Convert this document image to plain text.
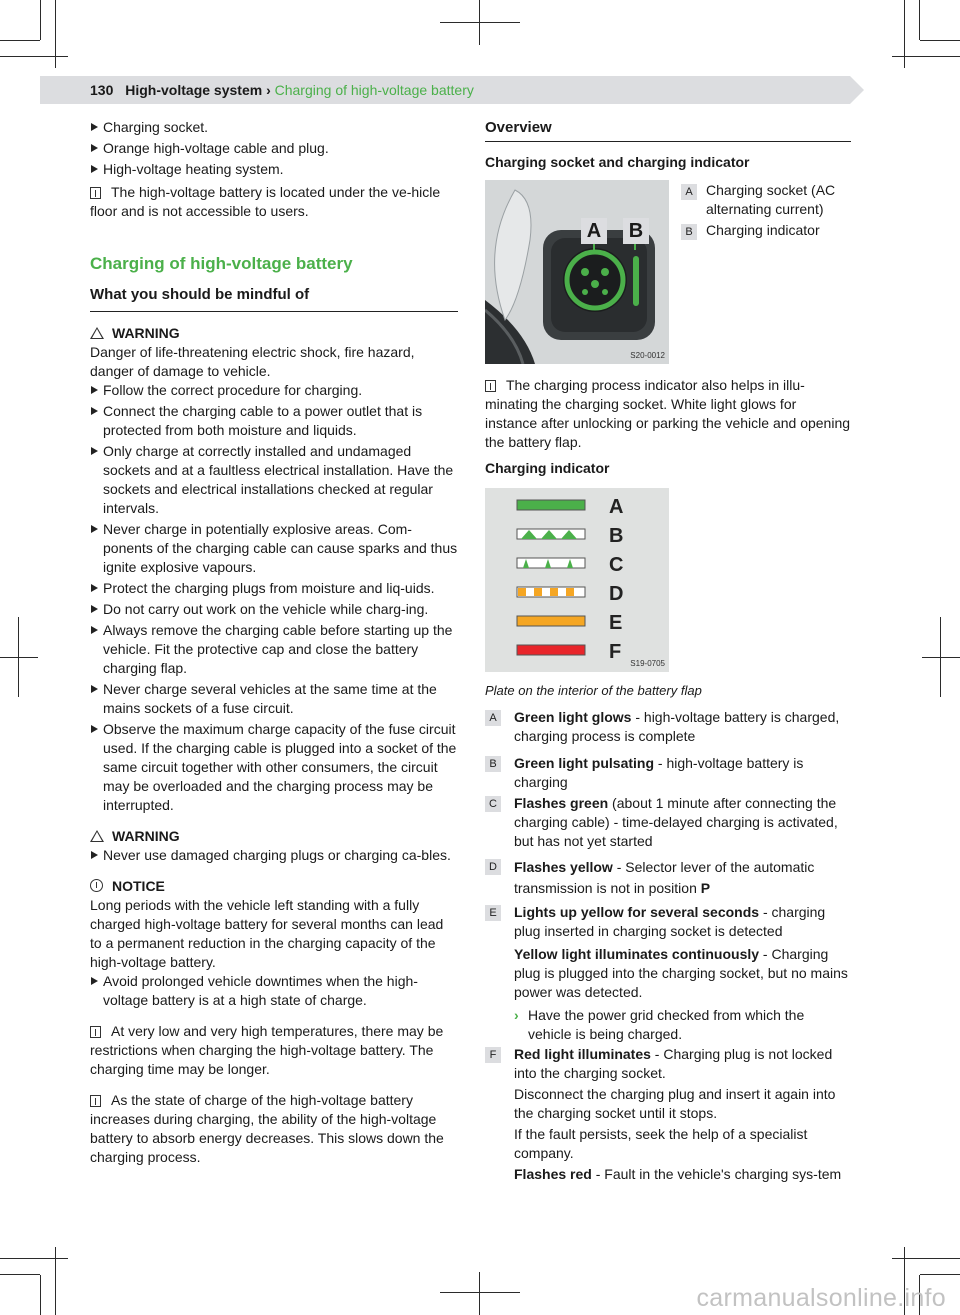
130 High-voltage system › Charging of high-voltage battery
Charging socket.
Orange high-voltage cable and plug.
High-voltage heating system.

The high-voltage battery is located under the ve-hicle floor and is not accessible to users.

Charging of high-voltage battery
What you should be mindful of
WARNING

Danger of life-threatening electric shock, fire hazard, danger of damage to vehicle.

Follow the correct procedure for charging.
Connect the charging cable to a power outlet that is protected from both moisture and liquids.
Only charge at correctly installed and undamaged sockets and at a faultless electrical installation. Have the sockets and electrical installations checked at regular intervals.
Never charge in potentially explosive areas. Com-ponents of the charging cable can cause sparks and thus ignite explosive vapours.
Protect the charging plugs from moisture and liq-uids.
Do not carry out work on the vehicle while charg-ing.
Always remove the charging cable before starting up the vehicle. Fit the protective cap and close the battery charging flap.
Never charge several vehicles at the same time at the mains sockets of a fuse circuit.
Observe the maximum charge capacity of the fuse circuit used. If the charging cable is plugged into a socket of the same circuit together with other consumers, the circuit may be overloaded and the charging process may be interrupted.
WARNING
Never use damaged charging plugs or charging ca-bles.
NOTICE

Long periods with the vehicle left standing with a fully charged high-voltage battery for several months can lead to a permanent reduction in the charging capacity of the high-voltage battery.

Avoid prolonged vehicle downtimes when the high-voltage battery is at a high state of charge.

At very low and very high temperatures, there may be restrictions when charging the high-voltage battery. The charging time may be longer.

As the state of charge of the high-voltage battery increases during charging, the ability of the high-voltage battery to absorb energy decreases. This slows down the charging process.

Overview
Charging socket and charging indicator
A B
S20-0012
A Charging socket (AC alternating current)
B Charging indicator

The charging process indicator also helps in illu-minating the charging socket. White light glows for instance after unlocking or parking the vehicle and opening the battery flap.

Charging indicator
A
B
C
D
E
F
S19-0705
Plate on the interior of the battery flap
A	Green light glows - high-voltage battery is charged, charging process is complete
B	Green light pulsating - high-voltage battery is charging
C Flashes green (about 1 minute after connecting the charging cable) - time-delayed charging is activated, but has not yet started
D Flashes yellow - Selector lever of the automatic transmission is not in position P
E	Lights up yellow for several seconds - charging plug inserted in charging socket is detected
Yellow light illuminates continuously - Charging plug is plugged into the charging socket, but no mains power was detected.
› Have the power grid checked from which the vehicle is being charged.
F	Red light illuminates - Charging plug is not locked into the charging socket.
Disconnect the charging plug and insert it again into the charging socket until it stops.
If the fault persists, seek the help of a specialist company.
Flashes red - Fault in the vehicle's charging sys-tem
carmanualsonline.info
